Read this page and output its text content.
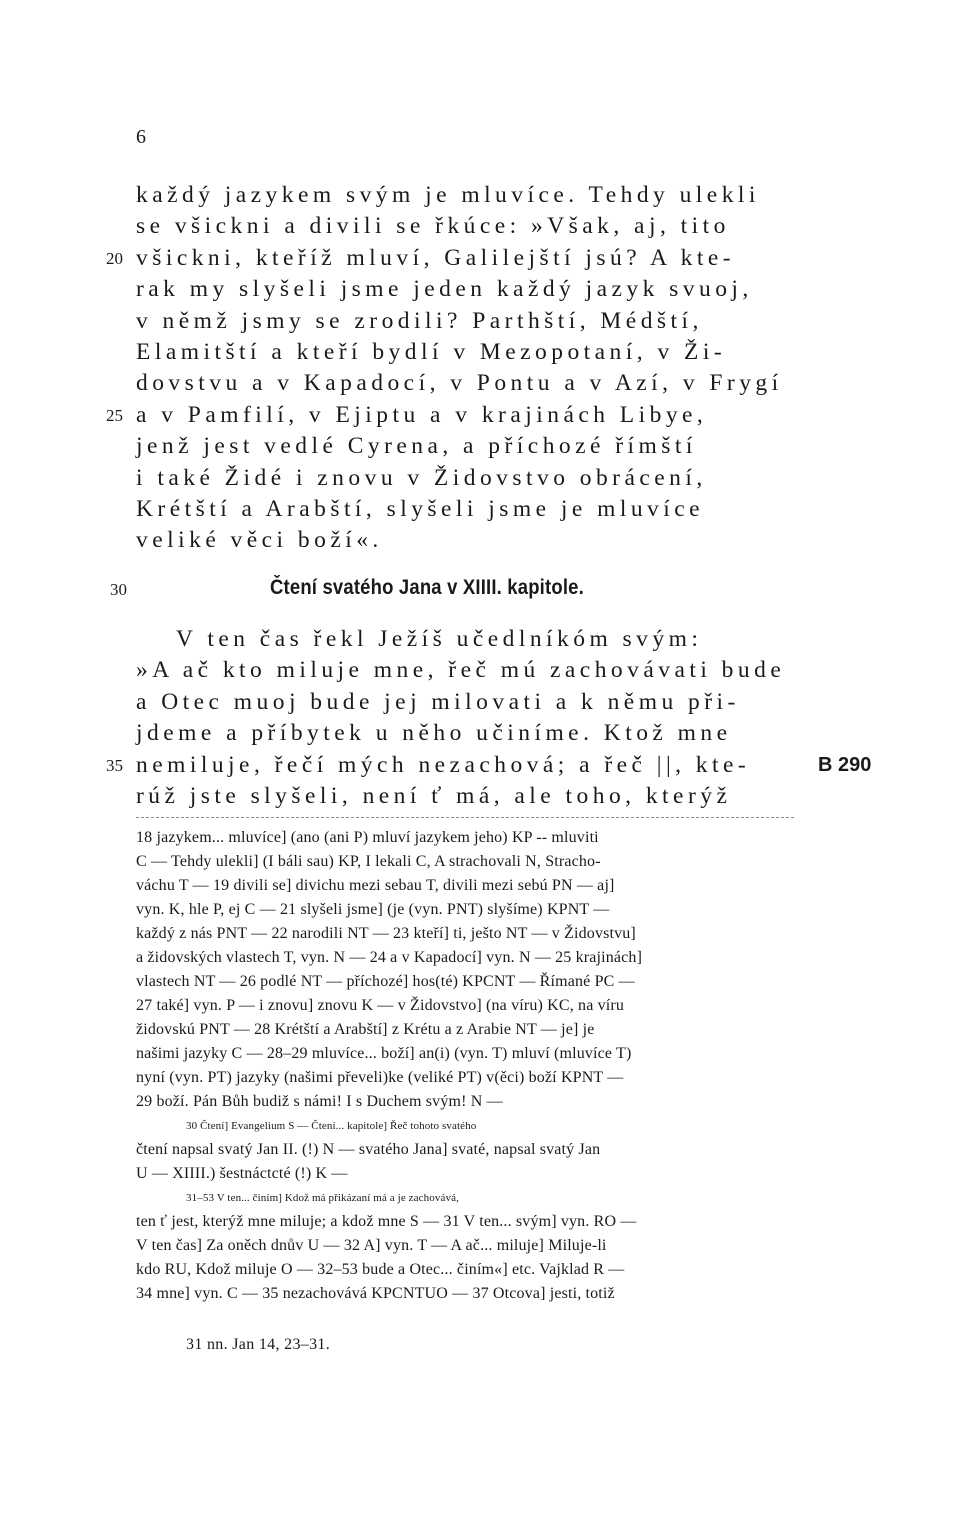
6
každý jazykem svým je mluvíce. Tehdy ulekli
se všickni a divili se řkúce: »Však, aj, tito
20 všickni, kteříž mluví, Galilejští jsú? A kte-
rak my slyšeli jsme jeden každý jazyk svuoj,
v němž jsmy se zrodili? Parthští, Médští,
Elamitští a kteří bydlí v Mezopotaní, v Ži-
dovstvu a v Kapadocí, v Pontu a v Azí, v Frygí
25 a v Pamfilí, v Ejiptu a v krajinách Libye,
jenž jest vedlé Cyrena, a příchozé římští
i také Židé i znovu v Židovstvo obrácení,
Krétští a Arabští, slyšeli jsme je mluvíce
veliké věci boží«.
30	Čtení svatého Jana v XIIII. kapitole.
V ten čas řekl Ježíš učedlníkóm svým:
»A ač kto miluje mne, řeč mú zachovávati bude
a Otec muoj bude jej milovati a k němu při-
jdeme a příbytek u něho učiníme. Ktož mne
35 nemiluje, řečí mých nezachová; a řeč ||, kte-	B 290
rúž jste slyšeli, není ť má, ale toho, kterýž
18 jazykem... mluvíce] (ano (ani P) mluví jazykem jeho) KP -- mluviti
C — Tehdy ulekli] (I báli sau) KP, I lekali C, A strachovali N, Stracho-
váchu T — 19 divili se] divichu mezi sebau T, divili mezi sebú PN — aj]
vyn. K, hle P, ej C — 21 slyšeli jsme] (je (vyn. PNT) slyšíme) KPNT —
každý z nás PNT — 22 narodili NT — 23 kteří] ti, ješto NT — v Židovstvu]
a židovských vlastech T, vyn. N — 24 a v Kapadocí] vyn. N — 25 krajinách]
vlastech NT — 26 podlé NT — příchozé] hos(té) KPCNT — Římané PC —
27 také] vyn. P — i znovu] znovu K — v Židovstvo] (na víru) KC, na víru
židovskú PNT — 28 Krétští a Arabští] z Krétu a z Arabie NT — je] je
našimi jazyky C — 28–29 mluvíce... boží] an(i) (vyn. T) mluví (mluvíce T)
nyní (vyn. PT) jazyky (našimi převeli)ke (veliké PT) v(ěci) boží KPNT —
29 boží. Pán Bůh budiž s námi! I s Duchem svým! N —
30 Čtení] Evangelium S — Čtení... kapitole] Řeč tohoto svatého
čtení napsal svatý Jan II. (!) N — svatého Jana] svaté, napsal svatý Jan
U — XIIII.) šestnáctcté (!) K —
31–53 V ten... činím] Kdož má přikázaní má a je zachovává,
ten ť jest, kterýž mne miluje; a kdož mne S — 31 V ten... svým] vyn. RO —
V ten čas] Za oněch dnův U — 32 A] vyn. T — A ač... miluje] Miluje-li
kdo RU, Kdož miluje O — 32–53 bude a Otec... činím«] etc. Vajklad R —
34 mne] vyn. C — 35 nezachovává KPCNTUO — 37 Otcova] jesti, totiž
31 nn. Jan 14, 23–31.
